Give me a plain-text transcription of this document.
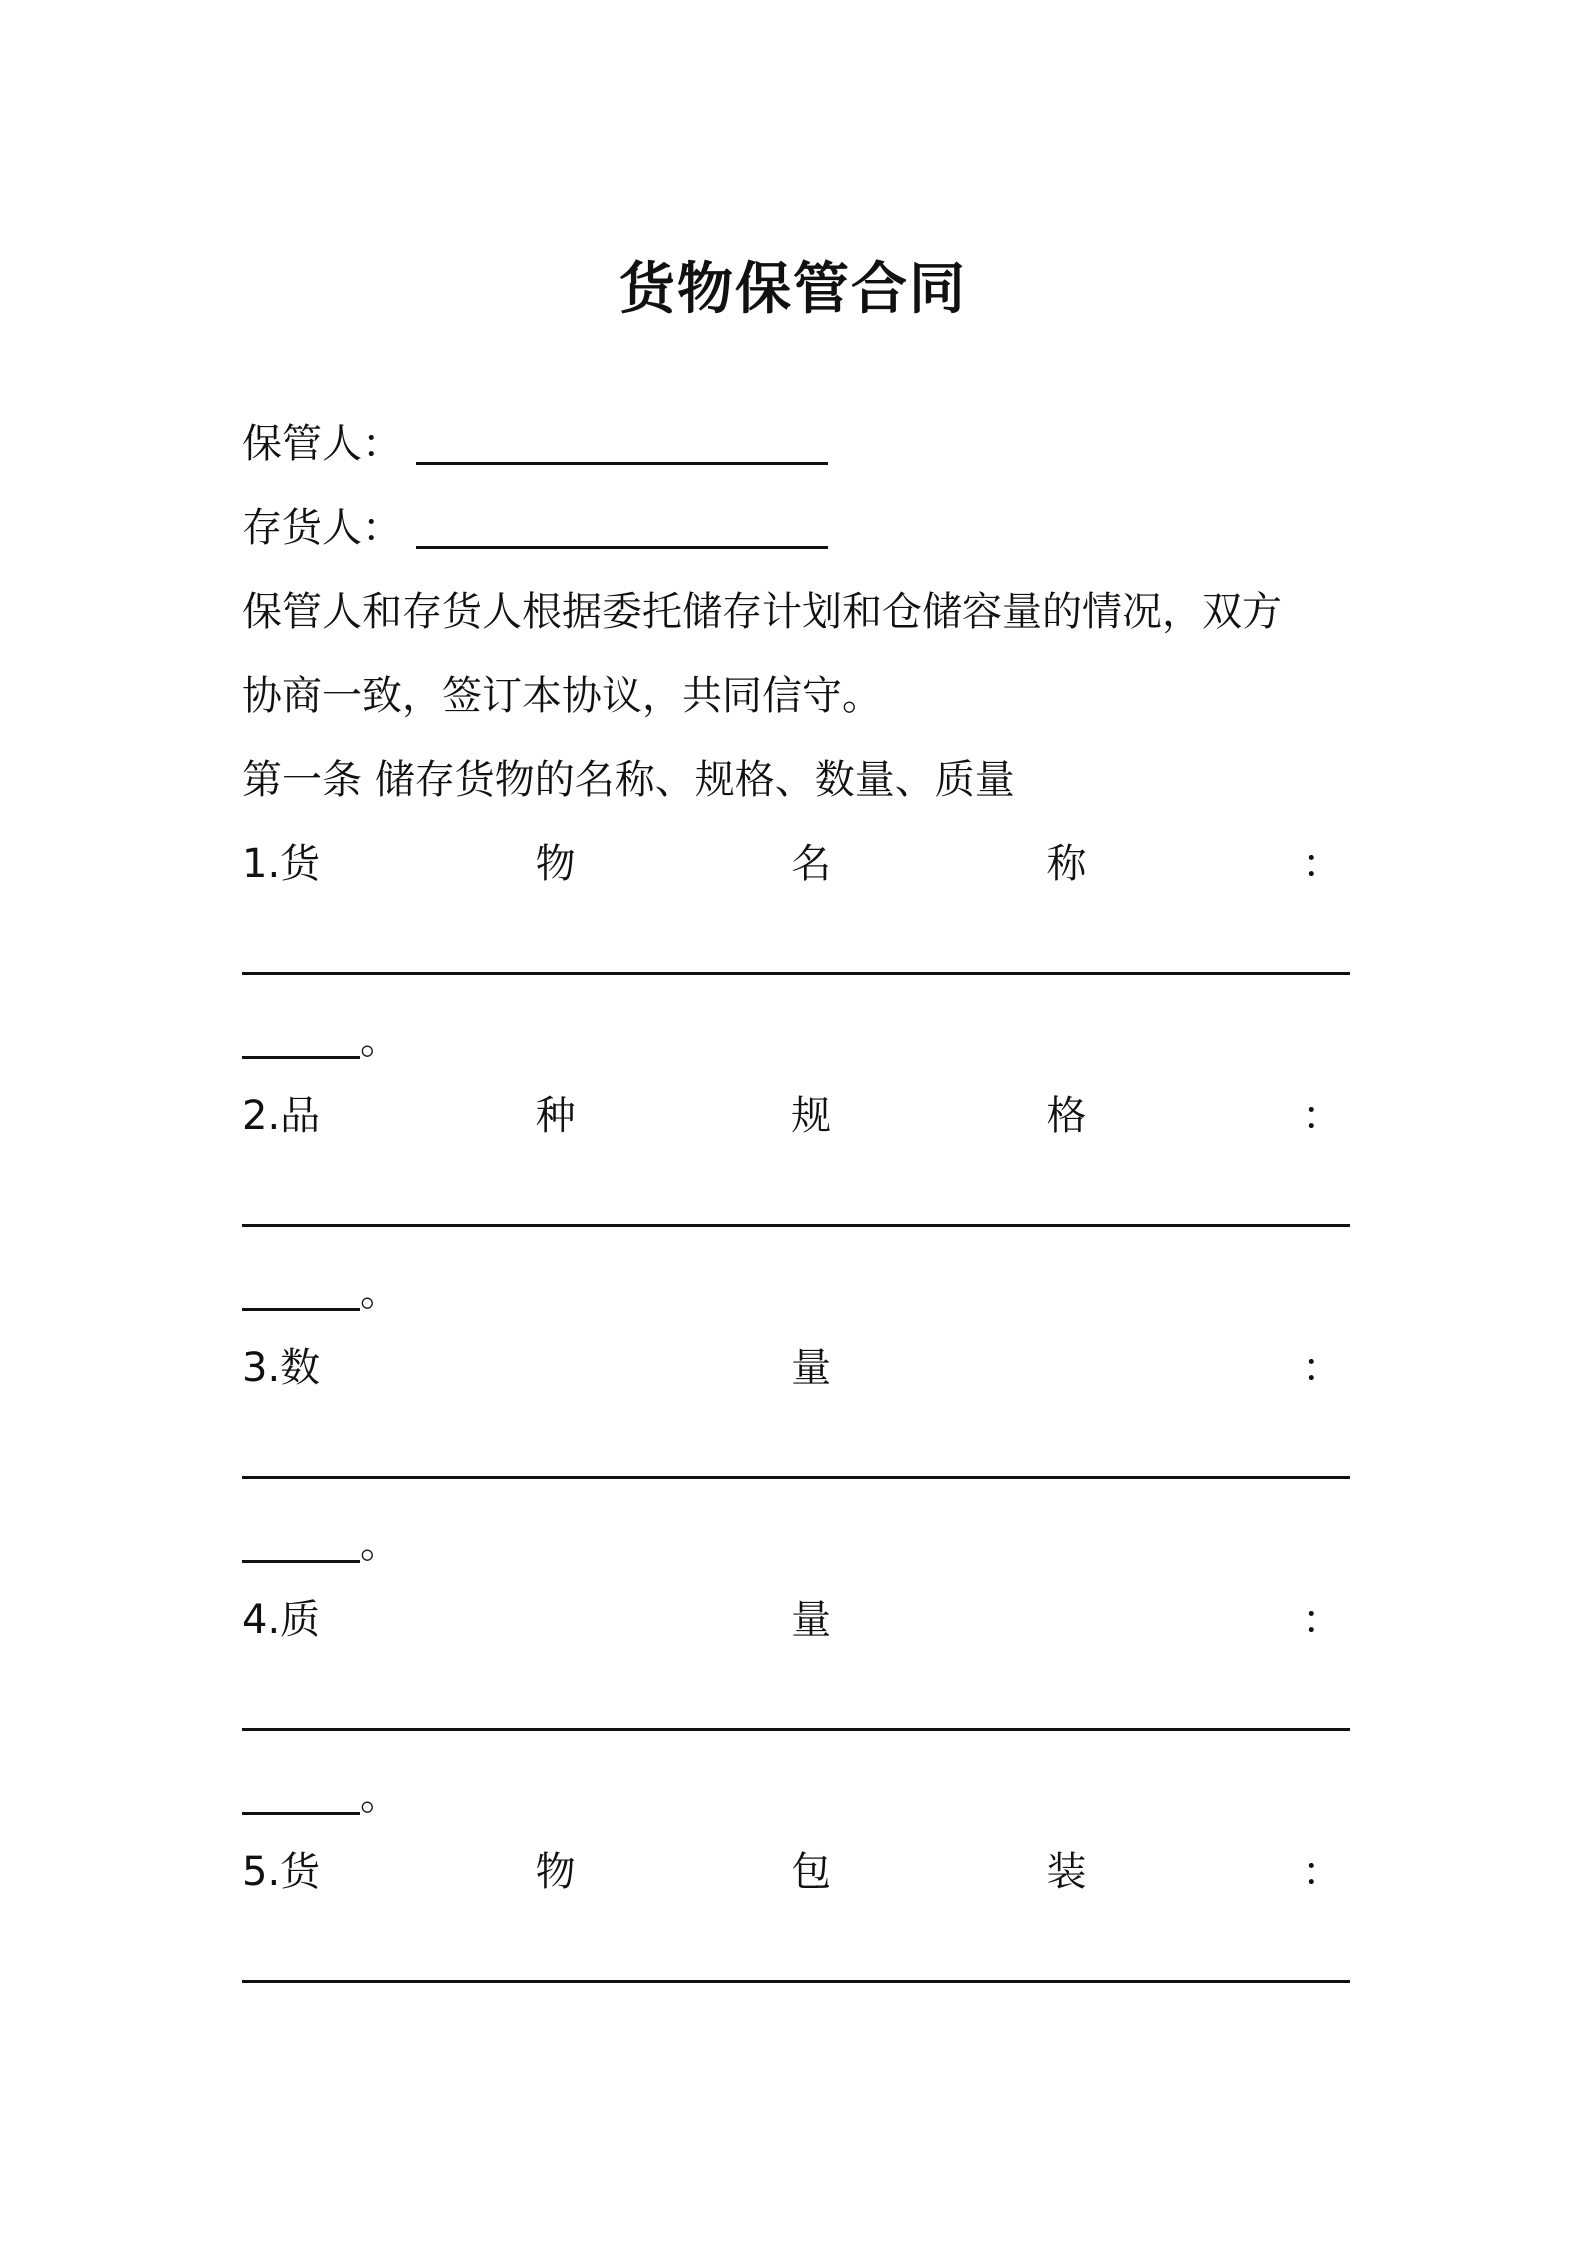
货物保管合同
保管人：
存货人：
保管人和存货人根据委托储存计划和仓储容量的情况，双方
协商一致，签订本协议，共同信守。
第一条 储存货物的名称、规格、数量、质量
1.货	物	名	称	：
。
2.品	种	规	格	：
。
3.数	量	：
。
4.质	量	：
。
5.货	物	包	装	：
